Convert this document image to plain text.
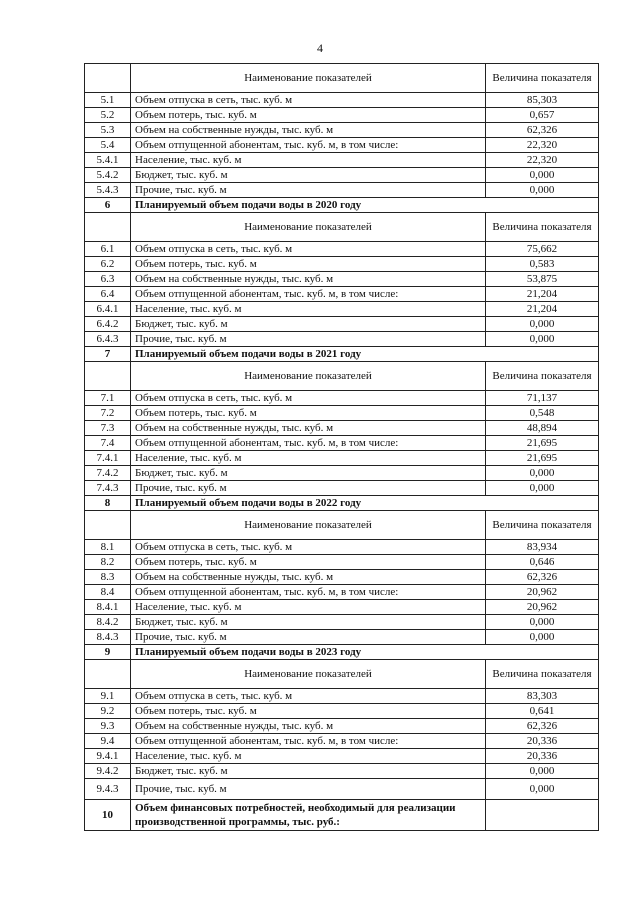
4
	Наименование показателей	Величина показателя
5.1	Объем отпуска в сеть, тыс. куб. м	85,303
5.2	Объем потерь, тыс. куб. м	0,657
5.3	Объем на собственные нужды, тыс. куб. м	62,326
5.4	Объем отпущенной абонентам, тыс. куб. м, в том числе:	22,320
5.4.1	Население, тыс. куб. м	22,320
5.4.2	Бюджет, тыс. куб. м	0,000
5.4.3	Прочие, тыс. куб. м	0,000
6	Планируемый объем подачи воды в 2020 году	
	Наименование показателей	Величина показателя
6.1	Объем отпуска в сеть, тыс. куб. м	75,662
6.2	Объем потерь, тыс. куб. м	0,583
6.3	Объем на собственные нужды, тыс. куб. м	53,875
6.4	Объем отпущенной абонентам, тыс. куб. м, в том числе:	21,204
6.4.1	Население, тыс. куб. м	21,204
6.4.2	Бюджет, тыс. куб. м	0,000
6.4.3	Прочие, тыс. куб. м	0,000
7	Планируемый объем подачи воды в 2021 году	
	Наименование показателей	Величина показателя
7.1	Объем отпуска в сеть, тыс. куб. м	71,137
7.2	Объем потерь, тыс. куб. м	0,548
7.3	Объем на собственные нужды, тыс. куб. м	48,894
7.4	Объем отпущенной абонентам, тыс. куб. м, в том числе:	21,695
7.4.1	Население, тыс. куб. м	21,695
7.4.2	Бюджет, тыс. куб. м	0,000
7.4.3	Прочие, тыс. куб. м	0,000
8	Планируемый объем подачи воды в 2022 году	
	Наименование показателей	Величина показателя
8.1	Объем отпуска в сеть, тыс. куб. м	83,934
8.2	Объем потерь, тыс. куб. м	0,646
8.3	Объем на собственные нужды, тыс. куб. м	62,326
8.4	Объем отпущенной абонентам, тыс. куб. м, в том числе:	20,962
8.4.1	Население, тыс. куб. м	20,962
8.4.2	Бюджет, тыс. куб. м	0,000
8.4.3	Прочие, тыс. куб. м	0,000
9	Планируемый объем подачи воды в 2023 году	
	Наименование показателей	Величина показателя
9.1	Объем отпуска в сеть, тыс. куб. м	83,303
9.2	Объем потерь, тыс. куб. м	0,641
9.3	Объем на собственные нужды, тыс. куб. м	62,326
9.4	Объем отпущенной абонентам, тыс. куб. м, в том числе:	20,336
9.4.1	Население, тыс. куб. м	20,336
9.4.2	Бюджет, тыс. куб. м	0,000
9.4.3	Прочие, тыс. куб. м	0,000
10	Объем финансовых потребностей, необходимый для реализации производственной программы, тыс. руб.:	
